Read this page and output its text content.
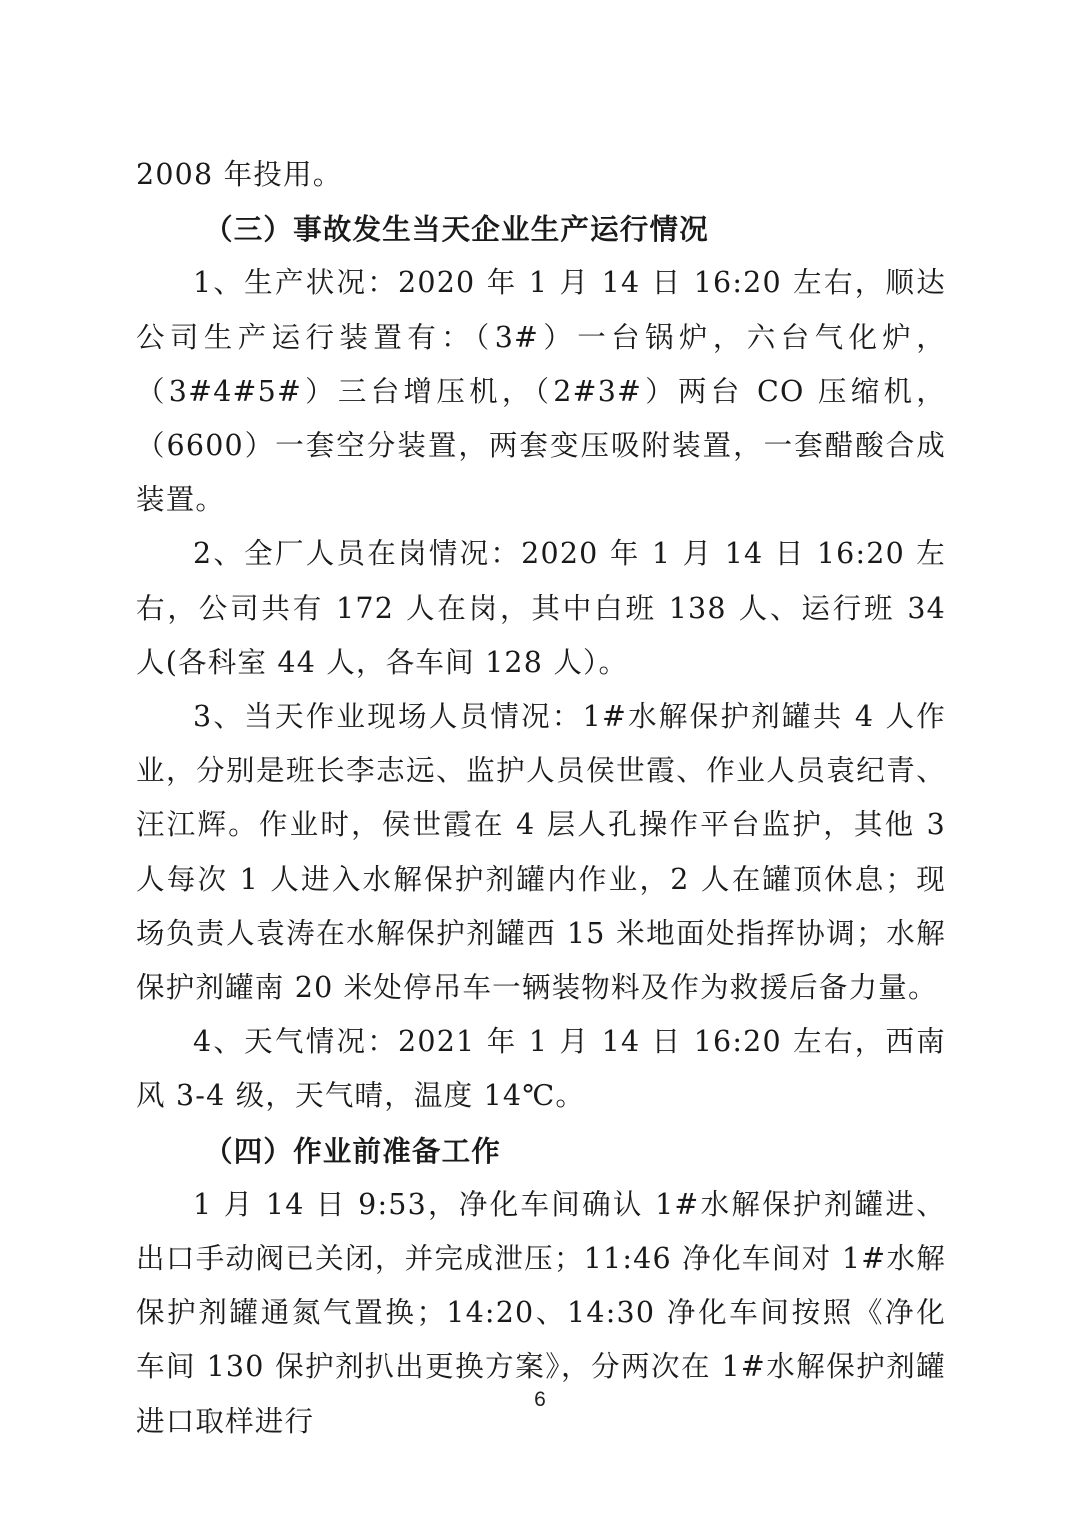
2008 年投用。

（三）事故发生当天企业生产运行情况

1、生产状况：2020 年 1 月 14 日 16:20 左右，顺达公司生产运行装置有：（3#）一台锅炉，六台气化炉，（3#4#5#）三台增压机，（2#3#）两台 CO 压缩机，（6600）一套空分装置，两套变压吸附装置，一套醋酸合成装置。

2、全厂人员在岗情况：2020 年 1 月 14 日 16:20 左右，公司共有 172 人在岗，其中白班 138 人、运行班 34 人(各科室 44 人，各车间 128 人）。

3、当天作业现场人员情况：1#水解保护剂罐共 4 人作业，分别是班长李志远、监护人员侯世霞、作业人员袁纪青、汪江辉。作业时，侯世霞在 4 层人孔操作平台监护，其他 3 人每次 1 人进入水解保护剂罐内作业，2 人在罐顶休息；现场负责人袁涛在水解保护剂罐西 15 米地面处指挥协调；水解保护剂罐南 20 米处停吊车一辆装物料及作为救援后备力量。

4、天气情况：2021 年 1 月 14 日 16:20 左右，西南风 3-4 级，天气晴，温度 14℃。

（四）作业前准备工作

1 月 14 日 9:53，净化车间确认 1#水解保护剂罐进、出口手动阀已关闭，并完成泄压；11:46 净化车间对 1#水解保护剂罐通氮气置换；14:20、14:30 净化车间按照《净化车间 130 保护剂扒出更换方案》，分两次在 1#水解保护剂罐进口取样进行

6
